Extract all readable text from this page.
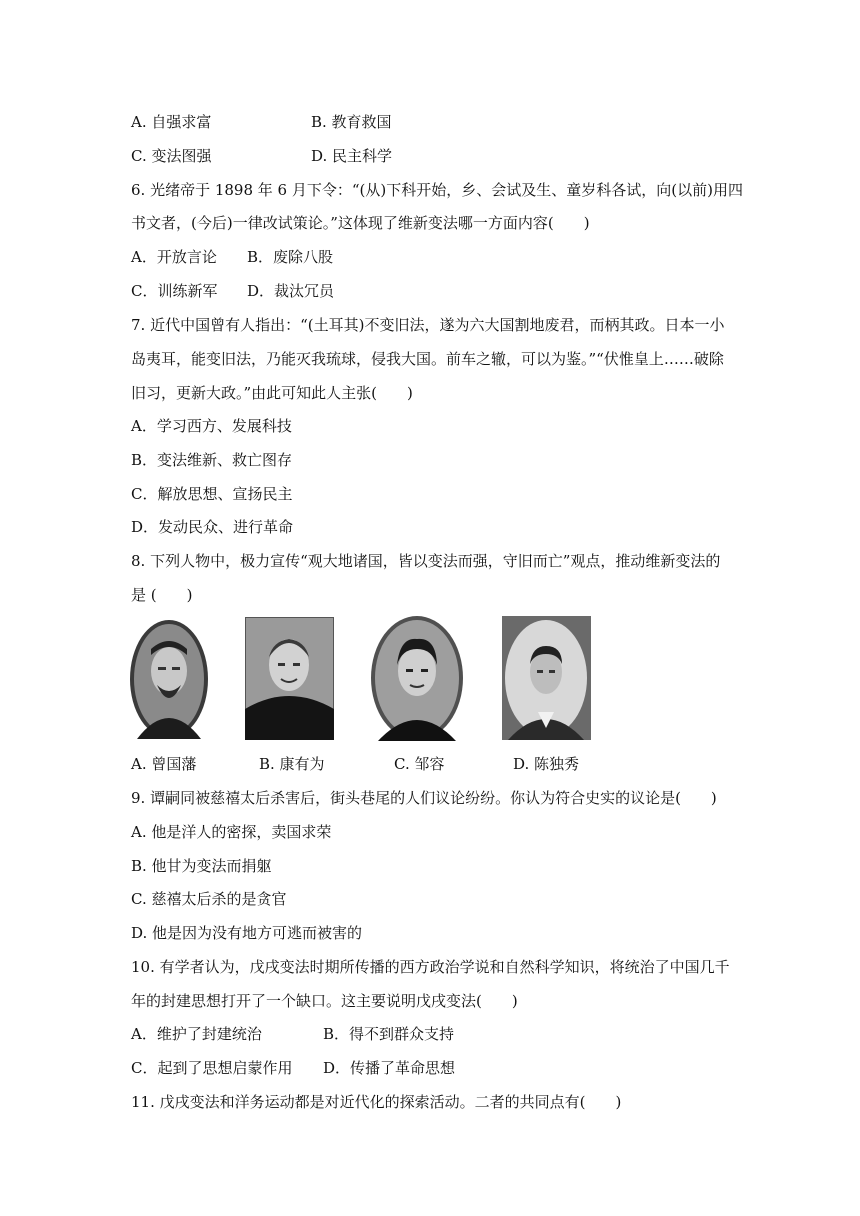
A. 自强求富	B. 教育救国
C. 变法图强	D. 民主科学
6. 光绪帝于 1898 年 6 月下令：“(从)下科开始，乡、会试及生、童岁科各试，向(以前)用四
书文者，(今后)一律改试策论。”这体现了维新变法哪一方面内容(　　)
A．开放言论 B．废除八股
C．训练新军 D．裁汰冗员
7. 近代中国曾有人指出：“(土耳其)不变旧法，遂为六大国割地废君，而柄其政。日本一小
岛夷耳，能变旧法，乃能灭我琉球，侵我大国。前车之辙，可以为鉴。”“伏惟皇上……破除
旧习，更新大政。”由此可知此人主张(　　)
A．学习西方、发展科技
B．变法维新、救亡图存
C．解放思想、宣扬民主
D．发动民众、进行革命
8. 下列人物中，极力宣传“观大地诸国，皆以变法而强，守旧而亡”观点，推动维新变法的
是 (　　)
A. 曾国藩	B. 康有为	C. 邹容	D. 陈独秀
9. 谭嗣同被慈禧太后杀害后，街头巷尾的人们议论纷纷。你认为符合史实的议论是(　　)
A. 他是洋人的密探，卖国求荣
B. 他甘为变法而捐躯
C. 慈禧太后杀的是贪官
D. 他是因为没有地方可逃而被害的
10. 有学者认为，戊戌变法时期所传播的西方政治学说和自然科学知识，将统治了中国几千
年的封建思想打开了一个缺口。这主要说明戊戌变法(　　)
A．维护了封建统治	B．得不到群众支持
C．起到了思想启蒙作用 D．传播了革命思想
11. 戊戌变法和洋务运动都是对近代化的探索活动。二者的共同点有(　　)
